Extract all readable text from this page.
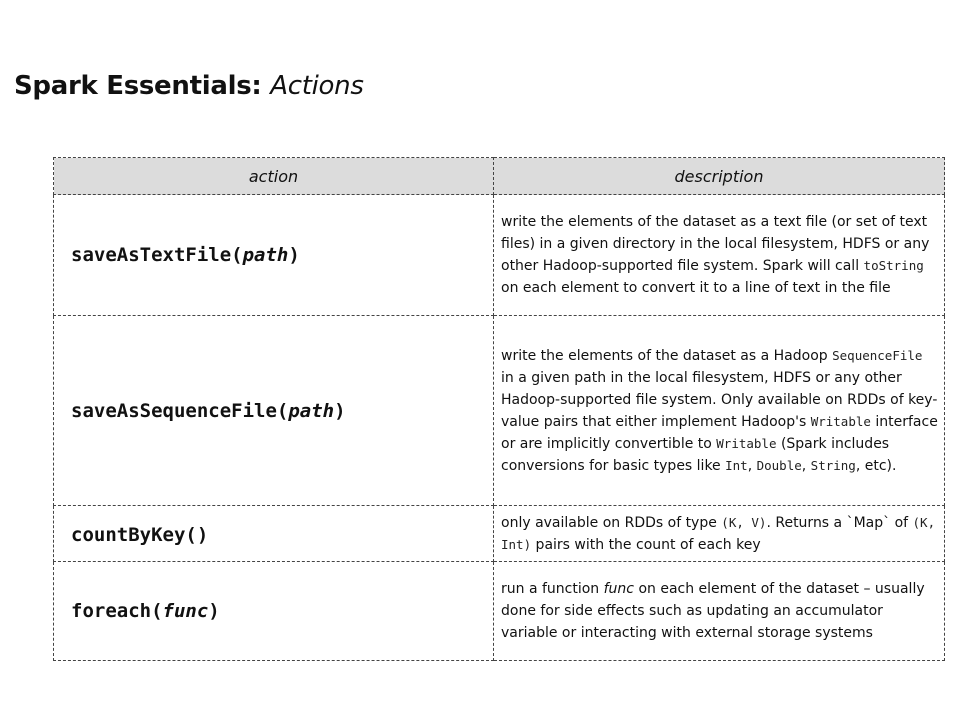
Spark Essentials: Actions
action	description
saveAsTextFile(path)	write the elements of the dataset as a text file (or set of text files) in a given directory in the local filesystem, HDFS or any other Hadoop-supported file system. Spark will call toString on each element to convert it to a line of text in the file
saveAsSequenceFile(path)	write the elements of the dataset as a Hadoop SequenceFile in a given path in the local filesystem, HDFS or any other Hadoop-supported file system. Only available on RDDs of key-value pairs that either implement Hadoop's Writable interface or are implicitly convertible to Writable (Spark includes conversions for basic types like Int, Double, String, etc).
countByKey()	only available on RDDs of type (K, V). Returns a `Map` of (K, Int) pairs with the count of each key
foreach(func)	run a function func on each element of the dataset – usually done for side effects such as updating an accumulator variable or interacting with external storage systems
